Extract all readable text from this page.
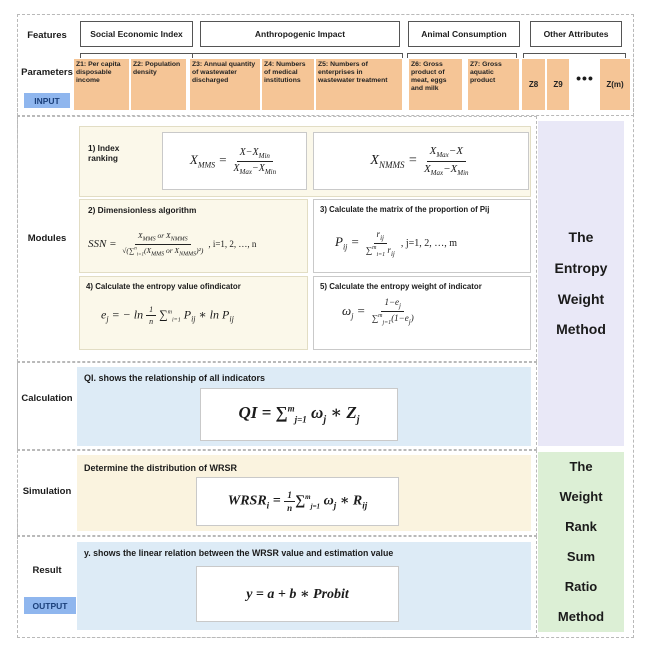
Features
Parameters
INPUT
Modules
Calculation
Simulation
Result
OUTPUT
Social Economic Index	Anthropogenic Impact	Animal Consumption	Other Attributes
Z1: Per capita disposable income
Z2: Population density
Z3: Annual quantity of wastewater discharged
Z4: Numbers of medical institutions
Z5: Numbers of enterprises in wastewater treatment
Z6: Gross product of meat, eggs and milk
Z7: Gross aquatic product	Z8	Z9 •••	Z(m)
1) Index ranking	$X_{MMS} = \frac{X-X_{Min}}{X_{Max}-X_{Min}}$	$X_{NMMS} = \frac{X_{Max}-X}{X_{Max}-X_{Min}}$
2) Dimensionless algorithm
SSN = $\frac{X_{MMS} or X_{NMMS}}{√(\sum^n_{i=1}(X_{MMS} or X_{NMMS})^2)}$ , i=1, 2, …, n
3) Calculate the matrix of the proportion of Pij
$P_{ij} = \frac{r_{ij}}{\sum^m_{i=1} r_{ij}}$ , j=1, 2, …, m
4) Calculate the entropy value ofindicator
$e_j$ = − $\ln \frac{1}{n} \sum^m_{i=1}$ $P_{ij}$ ∗ $\ln P_{ij}$
5) Calculate the entropy weight of indicator
$\omega_j = \frac{1-e_j}{\sum^m_{j=1}(1-e_j)}$
The
Entropy
Weight
Method
QI. shows the relationship of all indicators
QI = ∑$^m_{j=1}$ $\omega_j$ ∗ $Z_j$
Determine the distribution of WRSR
$WRSR_i = \frac{1}{n} \sum^m_{j=1}$ $\omega_j$ ∗ $R_{ij}$
The
Weight
Rank
Sum
Ratio
Method
y. shows the linear relation between the WRSR value and estimation value
y = a + b ∗ Probit
